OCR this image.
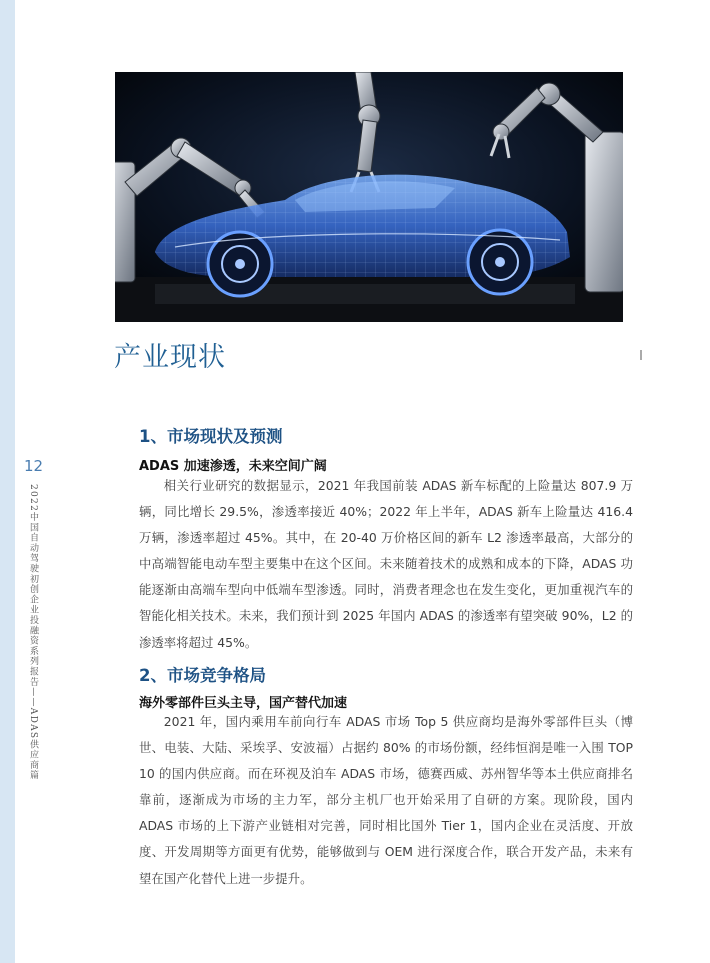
12
2022中国自动驾驶初创企业投融资系列报告——ADAS供应商篇
产业现状
1、市场现状及预测
ADAS 加速渗透，未来空间广阔

相关行业研究的数据显示，2021 年我国前装 ADAS 新车标配的上险量达 807.9 万辆，同比增长 29.5%，渗透率接近 40%；2022 年上半年，ADAS 新车上险量达 416.4 万辆，渗透率超过 45%。其中，在 20-40 万价格区间的新车 L2 渗透率最高，大部分的中高端智能电动车型主要集中在这个区间。未来随着技术的成熟和成本的下降，ADAS 功能逐渐由高端车型向中低端车型渗透。同时，消费者理念也在发生变化，更加重视汽车的智能化相关技术。未来，我们预计到 2025 年国内 ADAS 的渗透率有望突破 90%，L2 的渗透率将超过 45%。

2、市场竞争格局
海外零部件巨头主导，国产替代加速

2021 年，国内乘用车前向行车 ADAS 市场 Top 5 供应商均是海外零部件巨头（博世、电装、大陆、采埃孚、安波福）占据约 80% 的市场份额，经纬恒润是唯一入围 TOP 10 的国内供应商。而在环视及泊车 ADAS 市场，德赛西威、苏州智华等本土供应商排名靠前，逐渐成为市场的主力军，部分主机厂也开始采用了自研的方案。现阶段，国内 ADAS 市场的上下游产业链相对完善，同时相比国外 Tier 1，国内企业在灵活度、开放度、开发周期等方面更有优势，能够做到与 OEM 进行深度合作，联合开发产品，未来有望在国产化替代上进一步提升。
